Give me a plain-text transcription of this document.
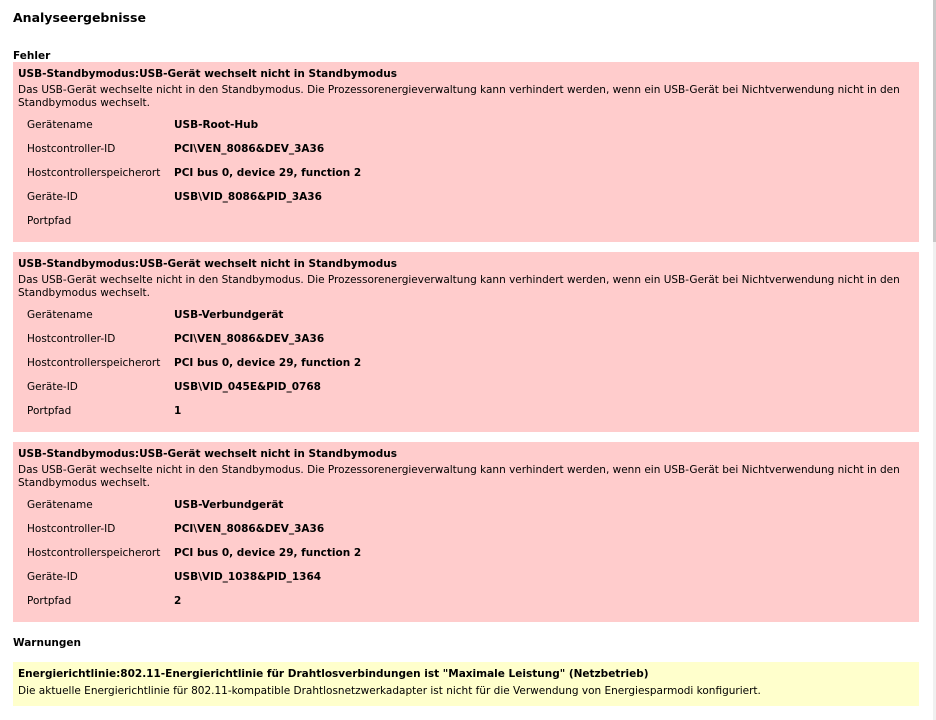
Analyseergebnisse
Fehler
USB-Standbymodus:USB-Gerät wechselt nicht in Standbymodus
Das USB-Gerät wechselte nicht in den Standbymodus. Die Prozessorenergieverwaltung kann verhindert werden, wenn ein USB-Gerät bei Nichtverwendung nicht in den Standbymodus wechselt.
Gerätename	USB-Root-Hub
Hostcontroller-ID	PCI\VEN_8086&DEV_3A36
Hostcontrollerspeicherort	PCI bus 0, device 29, function 2
Geräte-ID	USB\VID_8086&PID_3A36
Portpfad
USB-Standbymodus:USB-Gerät wechselt nicht in Standbymodus
Das USB-Gerät wechselte nicht in den Standbymodus. Die Prozessorenergieverwaltung kann verhindert werden, wenn ein USB-Gerät bei Nichtverwendung nicht in den Standbymodus wechselt.
Gerätename	USB-Verbundgerät
Hostcontroller-ID	PCI\VEN_8086&DEV_3A36
Hostcontrollerspeicherort	PCI bus 0, device 29, function 2
Geräte-ID	USB\VID_045E&PID_0768
Portpfad	1
USB-Standbymodus:USB-Gerät wechselt nicht in Standbymodus
Das USB-Gerät wechselte nicht in den Standbymodus. Die Prozessorenergieverwaltung kann verhindert werden, wenn ein USB-Gerät bei Nichtverwendung nicht in den Standbymodus wechselt.
Gerätename	USB-Verbundgerät
Hostcontroller-ID	PCI\VEN_8086&DEV_3A36
Hostcontrollerspeicherort	PCI bus 0, device 29, function 2
Geräte-ID	USB\VID_1038&PID_1364
Portpfad	2
Warnungen
Energierichtlinie:802.11-Energierichtlinie für Drahtlosverbindungen ist "Maximale Leistung" (Netzbetrieb)
Die aktuelle Energierichtlinie für 802.11-kompatible Drahtlosnetzwerkadapter ist nicht für die Verwendung von Energiesparmodi konfiguriert.
